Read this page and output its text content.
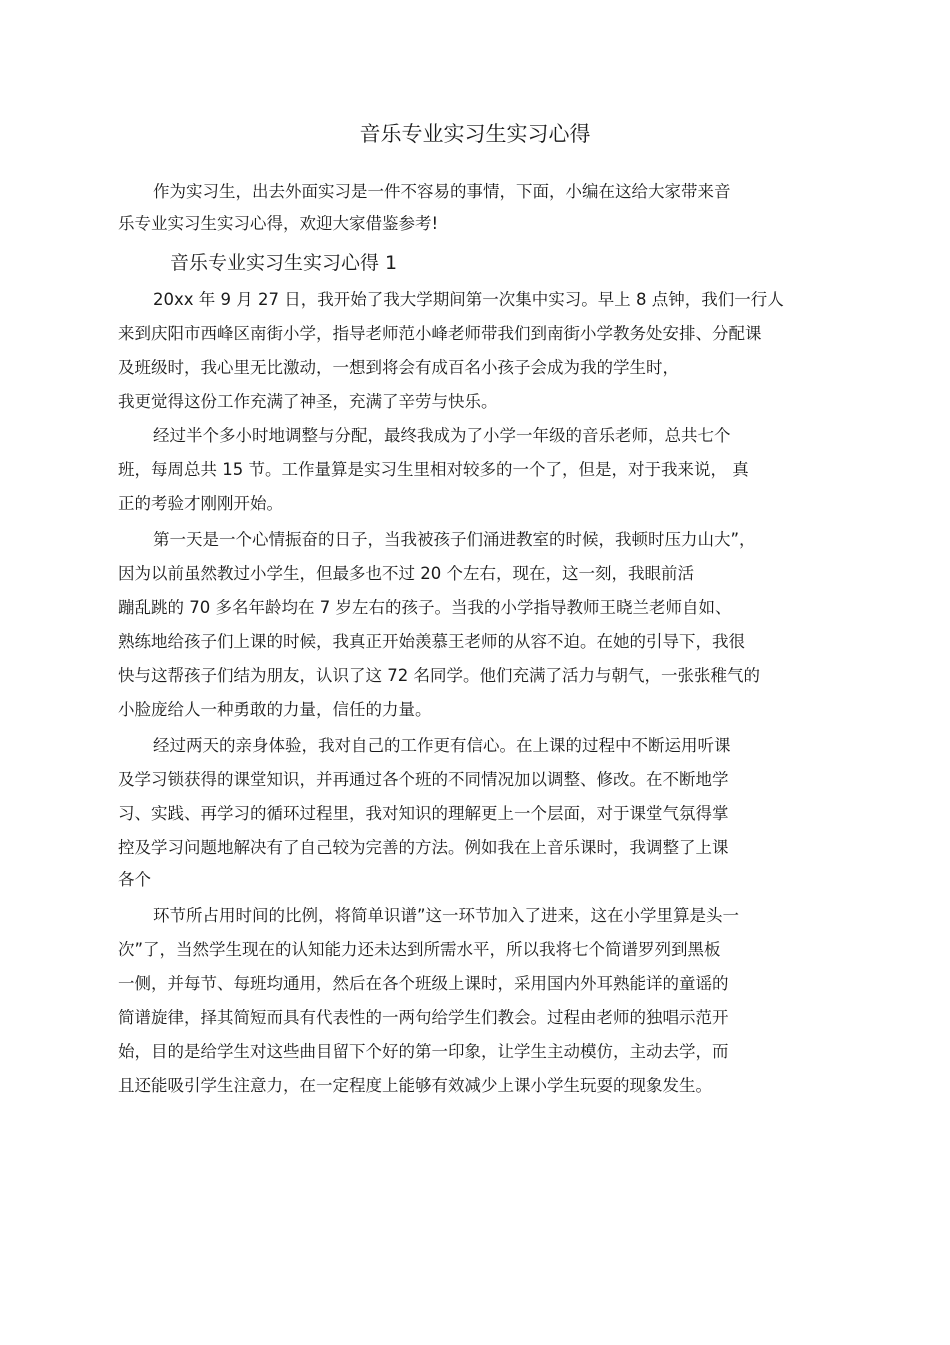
音乐专业实习生实习心得
作为实习生，出去外面实习是一件不容易的事情，下面，小编在这给大家带来音
乐专业实习生实习心得，欢迎大家借鉴参考!
音乐专业实习生实习心得 1
20xx 年 9 月 27 日，我开始了我大学期间第一次集中实习。早上 8 点钟，我们一行人
来到庆阳市西峰区南街小学，指导老师范小峰老师带我们到南街小学教务处安排、分配课
及班级时，我心里无比激动，一想到将会有成百名小孩子会成为我的学生时，
我更觉得这份工作充满了神圣，充满了辛劳与快乐。
经过半个多小时地调整与分配，最终我成为了小学一年级的音乐老师，总共七个
班，每周总共 15 节。工作量算是实习生里相对较多的一个了，但是，对于我来说， 真
正的考验才刚刚开始。
第一天是一个心情振奋的日子，当我被孩子们涌进教室的时候，我顿时压力山大”，
因为以前虽然教过小学生，但最多也不过 20 个左右，现在，这一刻，我眼前活
蹦乱跳的 70 多名年龄均在 7 岁左右的孩子。当我的小学指导教师王晓兰老师自如、
熟练地给孩子们上课的时候，我真正开始羡慕王老师的从容不迫。在她的引导下，我很
快与这帮孩子们结为朋友，认识了这 72 名同学。他们充满了活力与朝气，一张张稚气的
小脸庞给人一种勇敢的力量，信任的力量。
经过两天的亲身体验，我对自己的工作更有信心。在上课的过程中不断运用听课
及学习锁获得的课堂知识，并再通过各个班的不同情况加以调整、修改。在不断地学
习、实践、再学习的循环过程里，我对知识的理解更上一个层面，对于课堂气氛得掌
控及学习问题地解决有了自己较为完善的方法。例如我在上音乐课时，我调整了上课
各个
环节所占用时间的比例，将简单识谱”这一环节加入了进来，这在小学里算是头一
次”了，当然学生现在的认知能力还未达到所需水平，所以我将七个简谱罗列到黑板
一侧，并每节、每班均通用，然后在各个班级上课时，采用国内外耳熟能详的童谣的
简谱旋律，择其简短而具有代表性的一两句给学生们教会。过程由老师的独唱示范开
始，目的是给学生对这些曲目留下个好的第一印象，让学生主动模仿，主动去学，而
且还能吸引学生注意力，在一定程度上能够有效减少上课小学生玩耍的现象发生。
